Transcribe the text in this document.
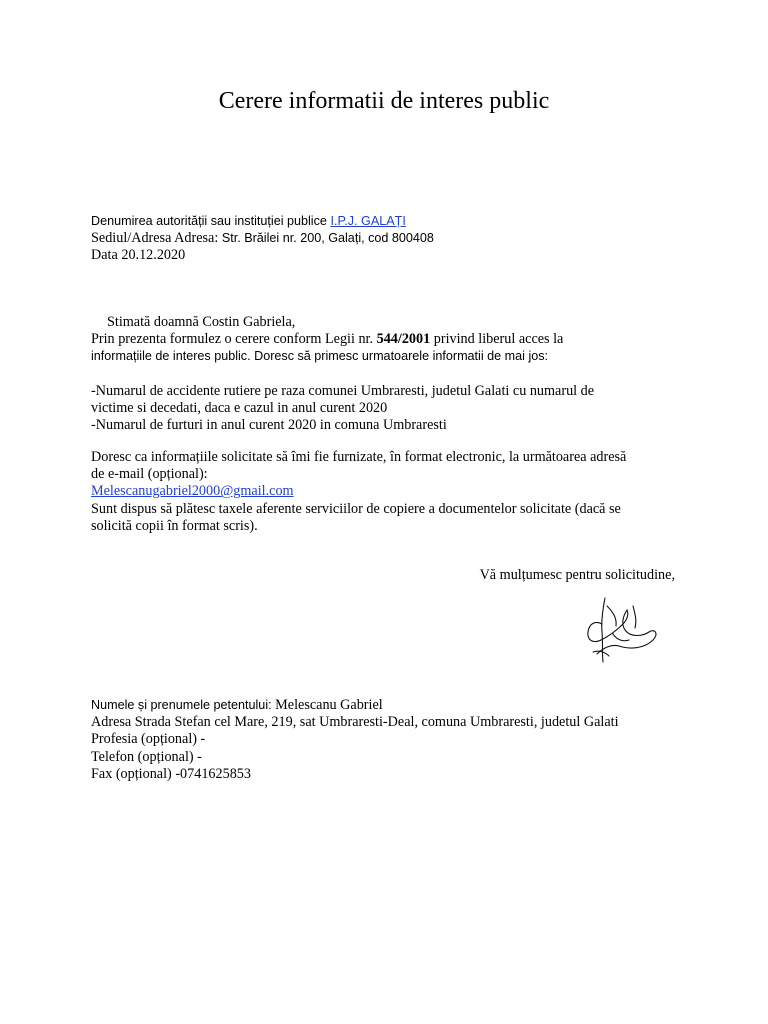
Cerere informatii de interes public
Denumirea autorității sau instituției publice I.P.J. GALAȚI
Sediul/Adresa Adresa: Str. Brăilei nr. 200, Galați, cod 800408
Data 20.12.2020
Stimată doamnă Costin Gabriela,
Prin prezenta formulez o cerere conform Legii nr. 544/2001 privind liberul acces la
informațiile de interes public. Doresc să primesc urmatoarele informatii de mai jos:
-Numarul de accidente rutiere pe raza comunei Umbraresti, judetul Galati cu numarul de
victime si decedati, daca e cazul in anul curent 2020
-Numarul de furturi in anul curent 2020 in comuna Umbraresti
Doresc ca informațiile solicitate să îmi fie furnizate, în format electronic, la următoarea adresă
de e-mail (opțional):
Melescanugabriel2000@gmail.com
Sunt dispus să plătesc taxele aferente serviciilor de copiere a documentelor solicitate (dacă se
solicită copii în format scris).
Vă mulțumesc pentru solicitudine,
Numele și prenumele petentului: Melescanu Gabriel
Adresa Strada Stefan cel Mare, 219, sat Umbraresti-Deal, comuna Umbraresti, judetul Galati
Profesia (opțional) -
Telefon (opțional) -
Fax (opțional) -0741625853
